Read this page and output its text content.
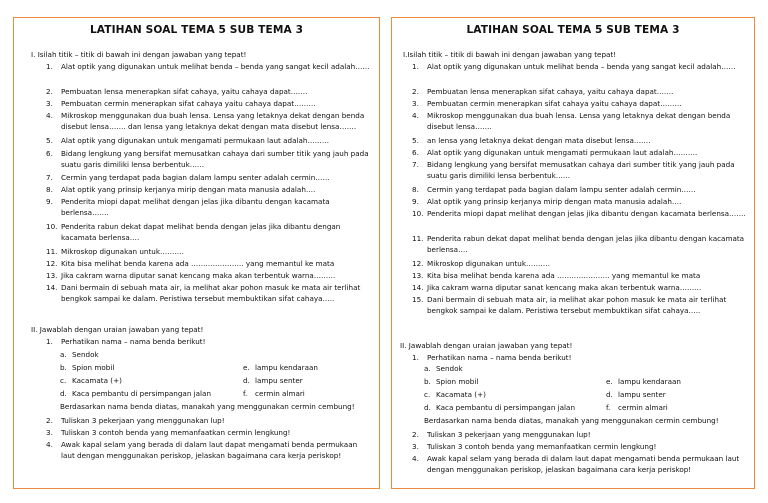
LATIHAN SOAL TEMA 5 SUB TEMA 3
I. Isilah titik – titik di bawah ini dengan jawaban yang tepat!
1. Alat optik yang digunakan untuk melihat benda – benda yang sangat kecil adalah……
2. Pembuatan lensa menerapkan sifat cahaya, yaitu cahaya dapat…….
3. Pembuatan cermin menerapkan sifat cahaya yaitu cahaya dapat………
4. Mikroskop menggunakan dua buah lensa. Lensa yang letaknya dekat dengan benda disebut lensa……. dan lensa yang letaknya dekat dengan mata disebut lensa…….
5. Alat optik yang digunakan untuk mengamati permukaan laut adalah………
6. Bidang lengkung yang bersifat memusatkan cahaya dari sumber titik yang jauh pada suatu garis dimiliki lensa berbentuk……
7. Cermin yang terdapat pada bagian dalam lampu senter adalah cermin……
8. Alat optik yang prinsip kerjanya mirip dengan mata manusia adalah….
9. Penderita miopi dapat melihat dengan jelas jika dibantu dengan kacamata berlensa…….
10. Penderita rabun dekat dapat melihat benda dengan jelas jika dibantu dengan kacamata berlensa….
11. Mikroskop digunakan untuk……….
12. Kita bisa melihat benda karena ada …………………. yang memantul ke mata
13. Jika cakram warna diputar sanat kencang maka akan terbentuk warna………
14. Dani bermain di sebuah mata air, ia melihat akar pohon masuk ke mata air terlihat bengkok sampai ke dalam. Peristiwa tersebut membuktikan sifat cahaya…..
II. Jawablah dengan uraian jawaban yang tepat!
1. Perhatikan nama – nama benda berikut!
a. Sendok
b. Spion mobil	e. lampu kendaraan
c. Kacamata (+)	d. lampu senter
d. Kaca pembantu di persimpangan jalan	f. cermin almari
Berdasarkan nama benda diatas, manakah yang menggunakan cermin cembung!
2. Tuliskan 3 pekerjaan yang menggunakan lup!
3. Tuliskan 3 contoh benda yang memanfaatkan cermin lengkung!
4. Awak kapal selam yang berada di dalam laut dapat mengamati benda permukaan laut dengan menggunakan periskop, jelaskan bagaimana cara kerja periskop!
LATIHAN SOAL TEMA 5 SUB TEMA 3
I.Isilah titik – titik di bawah ini dengan jawaban yang tepat!
1. Alat optik yang digunakan untuk melihat benda – benda yang sangat kecil adalah……
2. Pembuatan lensa menerapkan sifat cahaya, yaitu cahaya dapat…….
3. Pembuatan cermin menerapkan sifat cahaya yaitu cahaya dapat………
4. Mikroskop menggunakan dua buah lensa. Lensa yang letaknya dekat dengan benda disebut lensa…….
5. an lensa yang letaknya dekat dengan mata disebut lensa…….
6. Alat optik yang digunakan untuk mengamati permukaan laut adalah……….
7. Bidang lengkung yang bersifat memusatkan cahaya dari sumber titik yang jauh pada suatu garis dimiliki lensa berbentuk……
8. Cermin yang terdapat pada bagian dalam lampu senter adalah cermin……
9. Alat optik yang prinsip kerjanya mirip dengan mata manusia adalah….
10. Penderita miopi dapat melihat dengan jelas jika dibantu dengan kacamata berlensa…….
11. Penderita rabun dekat dapat melihat benda dengan jelas jika dibantu dengan kacamata berlensa….
12. Mikroskop digunakan untuk……….
13. Kita bisa melihat benda karena ada …………………. yang memantul ke mata
14. Jika cakram warna diputar sanat kencang maka akan terbentuk warna………
15. Dani bermain di sebuah mata air, ia melihat akar pohon masuk ke mata air terlihat bengkok sampai ke dalam. Peristiwa tersebut membuktikan sifat cahaya…..
II. Jawablah dengan uraian jawaban yang tepat!
1. Perhatikan nama – nama benda berikut!
a. Sendok
b. Spion mobil	e. lampu kendaraan
c. Kacamata (+)	d. lampu senter
d. Kaca pembantu di persimpangan jalan	f. cermin almari
Berdasarkan nama benda diatas, manakah yang menggunakan cermin cembung!
2. Tuliskan 3 pekerjaan yang menggunakan lup!
3. Tuliskan 3 contoh benda yang memanfaatkan cermin lengkung!
4. Awak kapal selam yang berada di dalam laut dapat mengamati benda permukaan laut dengan menggunakan periskop, jelaskan bagaimana cara kerja periskop!
